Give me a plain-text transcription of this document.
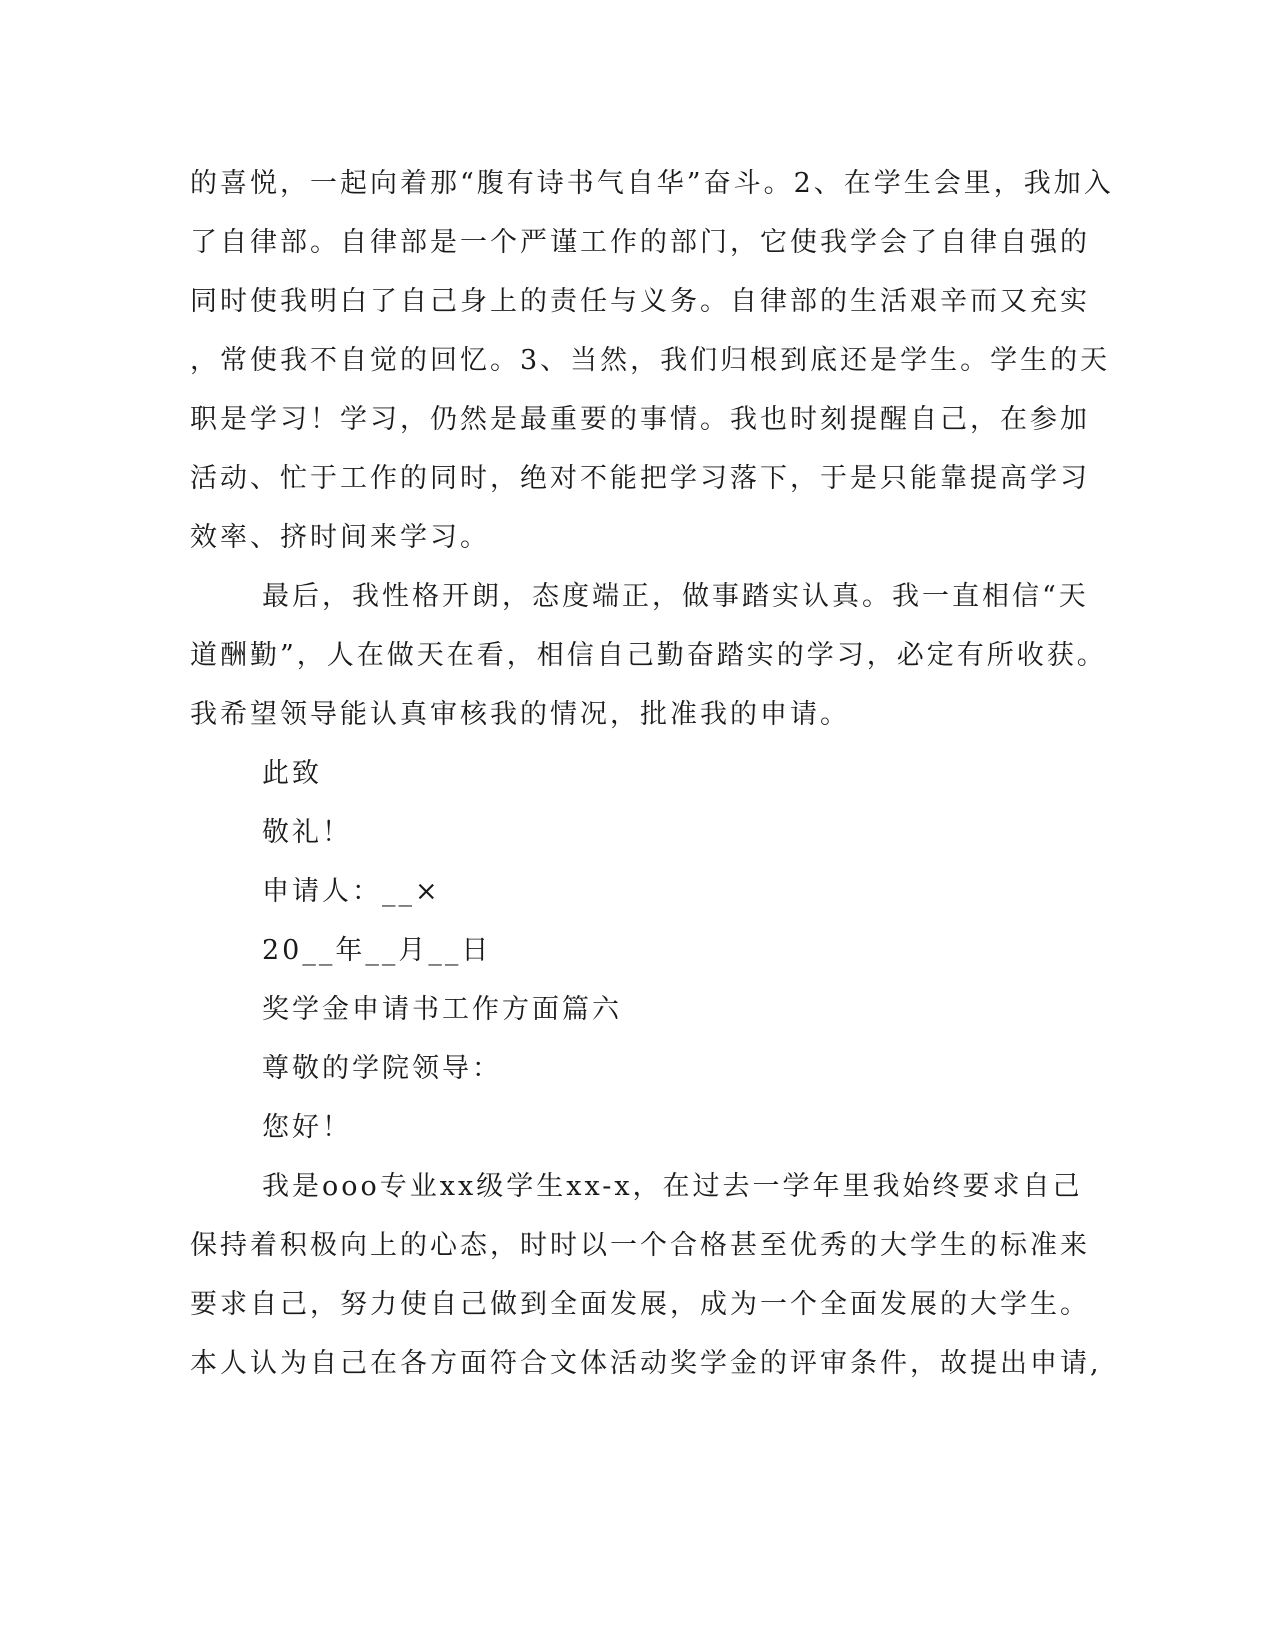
的喜悦，一起向着那“腹有诗书气自华”奋斗。2、在学生会里，我加入
了自律部。自律部是一个严谨工作的部门，它使我学会了自律自强的
同时使我明白了自己身上的责任与义务。自律部的生活艰辛而又充实
，常使我不自觉的回忆。3、当然，我们归根到底还是学生。学生的天
职是学习！学习，仍然是最重要的事情。我也时刻提醒自己，在参加
活动、忙于工作的同时，绝对不能把学习落下，于是只能靠提高学习
效率、挤时间来学习。
最后，我性格开朗，态度端正，做事踏实认真。我一直相信“天
道酬勤”，人在做天在看，相信自己勤奋踏实的学习，必定有所收获。
我希望领导能认真审核我的情况，批准我的申请。
此致
敬礼！
申请人：__×
20__年__月__日
奖学金申请书工作方面篇六
尊敬的学院领导：
您好！
我是ooo专业xx级学生xx-x，在过去一学年里我始终要求自己
保持着积极向上的心态，时时以一个合格甚至优秀的大学生的标准来
要求自己，努力使自己做到全面发展，成为一个全面发展的大学生。
本人认为自己在各方面符合文体活动奖学金的评审条件，故提出申请,
